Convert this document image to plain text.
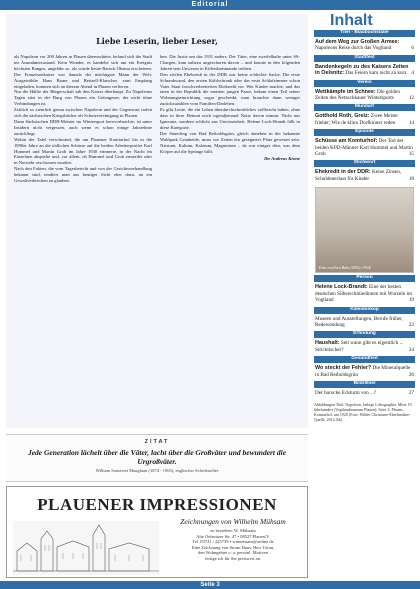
Editorial
Liebe Leserin, lieber Leser,

als Napoleon vor 200 Jahren in Plauen übernachtete, befand sich die Stadt im Ausnahmezustand. Kein Wunder, es handelte sich um ein Ereignis höchsten Ranges, ungefähr so, als würde heute Barack Obama erscheinen. Der Französenkaiser war damals der mächtigste Mann der Welt. Ausgewählte Hans Bauer und Beitzell-Klatscher, zum Empfang eingeladen, konnten sich an diesem Abend in Plauen verlieren.

Nur die Hälfte der Bürgerschaft sah den Kaiser überhaupt. Zu Napoleons Tagen sitzt in der Burg von Plauen ein Gefangener, der nicht ohne Verbindungen ist.

Zeitlich so ziemlich genau zwischen Napoleon und der Gegenwart trafen sich die sächsischen Kriegsbücher als Schutzvereinigung in Plauen.

Dann Sächsischen DDR-Meister im Wintersport herovorbrachte, ist unter Insidern nicht vergessen, auch wenn es schon einige Jahrzehnte zurückliegt.

Wohin der Tafel verschwand, die am Plauener Komturhof bis in die 1990er Jahre an die tödlichen Schüsse auf die beiden Arbeiterpostler Karl Hummel und Martin Grob im Jahre 1930 erinnerte, in der Nacht im Einzelnen abspielte und, vor allem, ob Hummel und Grob ermordet oder in Notwehr erschossen wurden.

Nach den Fakten, die vom Tagesbericht und von der Gerichtsverhandlung bekannt sind, tendiert man aus heutiger Sicht eher dazu, an ein Gewaltverbrechen zu glauben.

ben. Die Justiz um das 1931 anders. Der Täter, eine zweifelhafte unter SS-Chargen, kam nahezu ungeschoren davon – und konnte in den folgenden Jahren sein Unwesen in Kiffenkommando treiben.

Den zivilen Ehekreidt in der DDR war keine schlechte Sache. Die erste Schrankwand, den ersten Kühlschrank oder das erste Schlafzimmer schon Vater Staat froschverbreiterten Ehekredit vor. Wer Kinder machte, und das taten in der Republik die meisten jungen Paare, bekam einen Teil seiner Wohnungseinrichtung sogar geschenkt; man brauchte dann weniger zurückzuzahlen vom Familien-Darlehen.

Es gibt Leute, die ein Leben überdurchschnittliches vollbracht haben, ohne dass in ihrer Heimat noch irgendjemand Notiz davon nimmt. Nicht nur Ignoranz, sondern schlicht aus Unwissenheit. Helene Lock-Brandt fällt in diese Kategorie.

Der Säuerling von Bad Reiboldsgrün, gleich daneben in der bekannte Waldpark Grünheide, muss vor Zeiten ein gesegneter Platz gewesen sein. Natrium, Kalium, Kalzium, Magnesium – da war einiges drin, was dem Körper auf die Sprünge hilft.

Ihr Andreas Krone

ZITAT
Jede Generation lächelt über die Väter, lacht über die Großväter und bewundert die Urgroßväter.
William Somerset Maugham (1874 - 1965), englischer Schriftsteller
PLAUENER IMPRESSIONEN
Zeichnungen von Wilhelm Mühsam
zu beziehen: W. Mühsam
Alte Oelsnitzer Str. 47 • 08527 Plauen/V.
Tel. 03741 / 225739 • wmuehsam@online.de
Eine Zeichnung von Strom Haus, Herr Urrau,
den Wohngebiet o. a. persönl. Motiven
fertige ich für Sie preiswert an.
Inhalt
Titel - Blaubuchstabe
Auf dem Weg zur Großen Armee: Napoleons Reise durch das Vogtland	6
Stadtfest
Bandenkegeln zu des Kaisers Zeiten in Oelsnitz: Das Feiern kam nicht zu kurz 4
Verein
Wettkämpfe im Schnee: Die golden Zeiten des Netzschkauer Wintersports	12
Mundart
Gotthold Roth, Greiz: Zwee Meiste frieher; Wie de klinn Dorfkinner reden	14
Episode
Schüsse am Komturhof: Der Tod der beiden KPD-Männer Karl Hummel und Martin Grob	15
Stichwort
Ehekredit in der DDR: Keine Zinsen, Schuldenerlass für Kinder	18
Foto von Sven Bahr (1955) / PGK
Person
Helene Lock-Brandt: Eine der besten deutschen Silberschmiedinnen mit Wurzeln im Vogtland	19
Kaleidoskop
Museen und Ausstellungen, Berufe früher, Redewendung	22
Erfindung
Haushalt: Seit wann gibt es eigentlich ... Stricktischer?	24
Gesundheit
Wo steckt der Fehler? Die Mineralquelle in Bad Reiboldsgrün	26
Bildrätsel
Der barocke Eckturm von ...?	27
Abbildungen Titel: Napoleon, farbige Lithographie, Mitte 19. Jahrhundert (Vogtlandmuseum Plauen), Seite 3: Plauen, Komturhof, um 1920 (Foto: Wilder Christiane-Eberhardine-Quelle, 2012 (bk)
Seite 3
